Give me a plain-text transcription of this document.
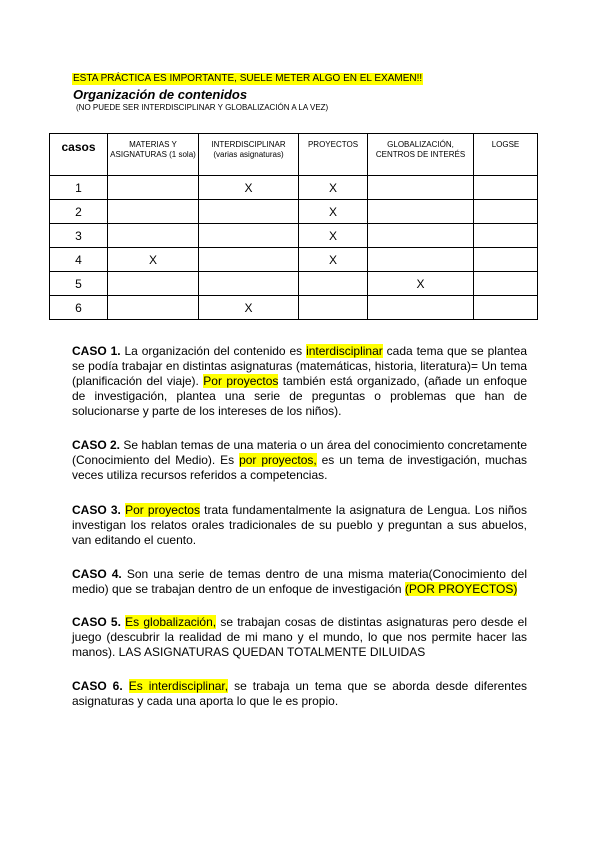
ESTA PRÁCTICA ES IMPORTANTE, SUELE METER ALGO EN EL EXAMEN!!
Organización de contenidos
(NO PUEDE SER INTERDISCIPLINAR Y GLOBALIZACIÓN A LA VEZ)
casos	MATERIAS Y ASIGNATURAS (1 sola)	INTERDISCIPLINAR (varias asignaturas)	PROYECTOS	GLOBALIZACIÓN, CENTROS DE INTERÉS	LOGSE
1		X	X		
2			X		
3			X		
4	X		X		
5				X	
6		X			

CASO 1. La organización del contenido es interdisciplinar cada tema que se plantea se podía trabajar en distintas asignaturas (matemáticas, historia, literatura)= Un tema (planificación del viaje). Por proyectos también está organizado, (añade un enfoque de investigación, plantea una serie de preguntas o problemas que han de solucionarse y parte de los intereses de los niños).

CASO 2. Se hablan temas de una materia o un área del conocimiento concretamente (Conocimiento del Medio). Es por proyectos, es un tema de investigación, muchas veces utiliza recursos referidos a competencias.

CASO 3. Por proyectos trata fundamentalmente la asignatura de Lengua. Los niños investigan los relatos orales tradicionales de su pueblo y preguntan a sus abuelos, van editando el cuento.

CASO 4. Son una serie de temas dentro de una misma materia(Conocimiento del medio) que se trabajan dentro de un enfoque de investigación (POR PROYECTOS)

CASO 5. Es globalización, se trabajan cosas de distintas asignaturas pero desde el juego (descubrir la realidad de mi mano y el mundo, lo que nos permite hacer las manos). LAS ASIGNATURAS QUEDAN TOTALMENTE DILUIDAS

CASO 6. Es interdisciplinar, se trabaja un tema que se aborda desde diferentes asignaturas y cada una aporta lo que le es propio.
